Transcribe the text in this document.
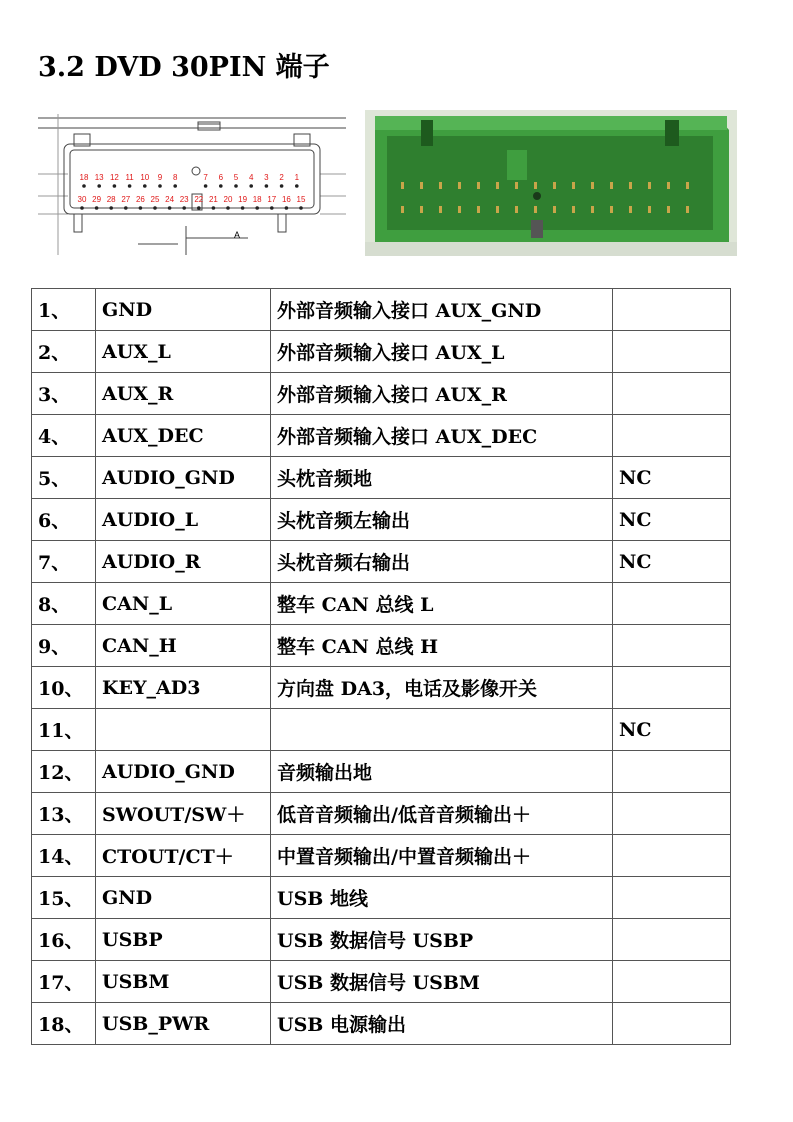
3.2 DVD 30PIN 端子
18 13 12 11 10 9 8	7 6 5 4 3 2 1
30 29 28 27 26 25 24 23 22 21 20 19 18 17 16 15
A
1、	GND	外部音频输入接口 AUX_GND	
2、	AUX_L	外部音频输入接口 AUX_L	
3、	AUX_R	外部音频输入接口 AUX_R	
4、	AUX_DEC	外部音频输入接口 AUX_DEC	
5、	AUDIO_GND	头枕音频地	NC
6、	AUDIO_L	头枕音频左输出	NC
7、	AUDIO_R	头枕音频右输出	NC
8、	CAN_L	整车 CAN 总线 L	
9、	CAN_H	整车 CAN 总线 H	
10、	KEY_AD3	方向盘 DA3，电话及影像开关	
11、			NC
12、	AUDIO_GND	音频输出地	
13、	SWOUT/SW＋	低音音频输出/低音音频输出＋	
14、	CTOUT/CT＋	中置音频输出/中置音频输出＋	
15、	GND	USB 地线	
16、	USBP	USB 数据信号 USBP	
17、	USBM	USB 数据信号 USBM	
18、	USB_PWR	USB 电源输出	
